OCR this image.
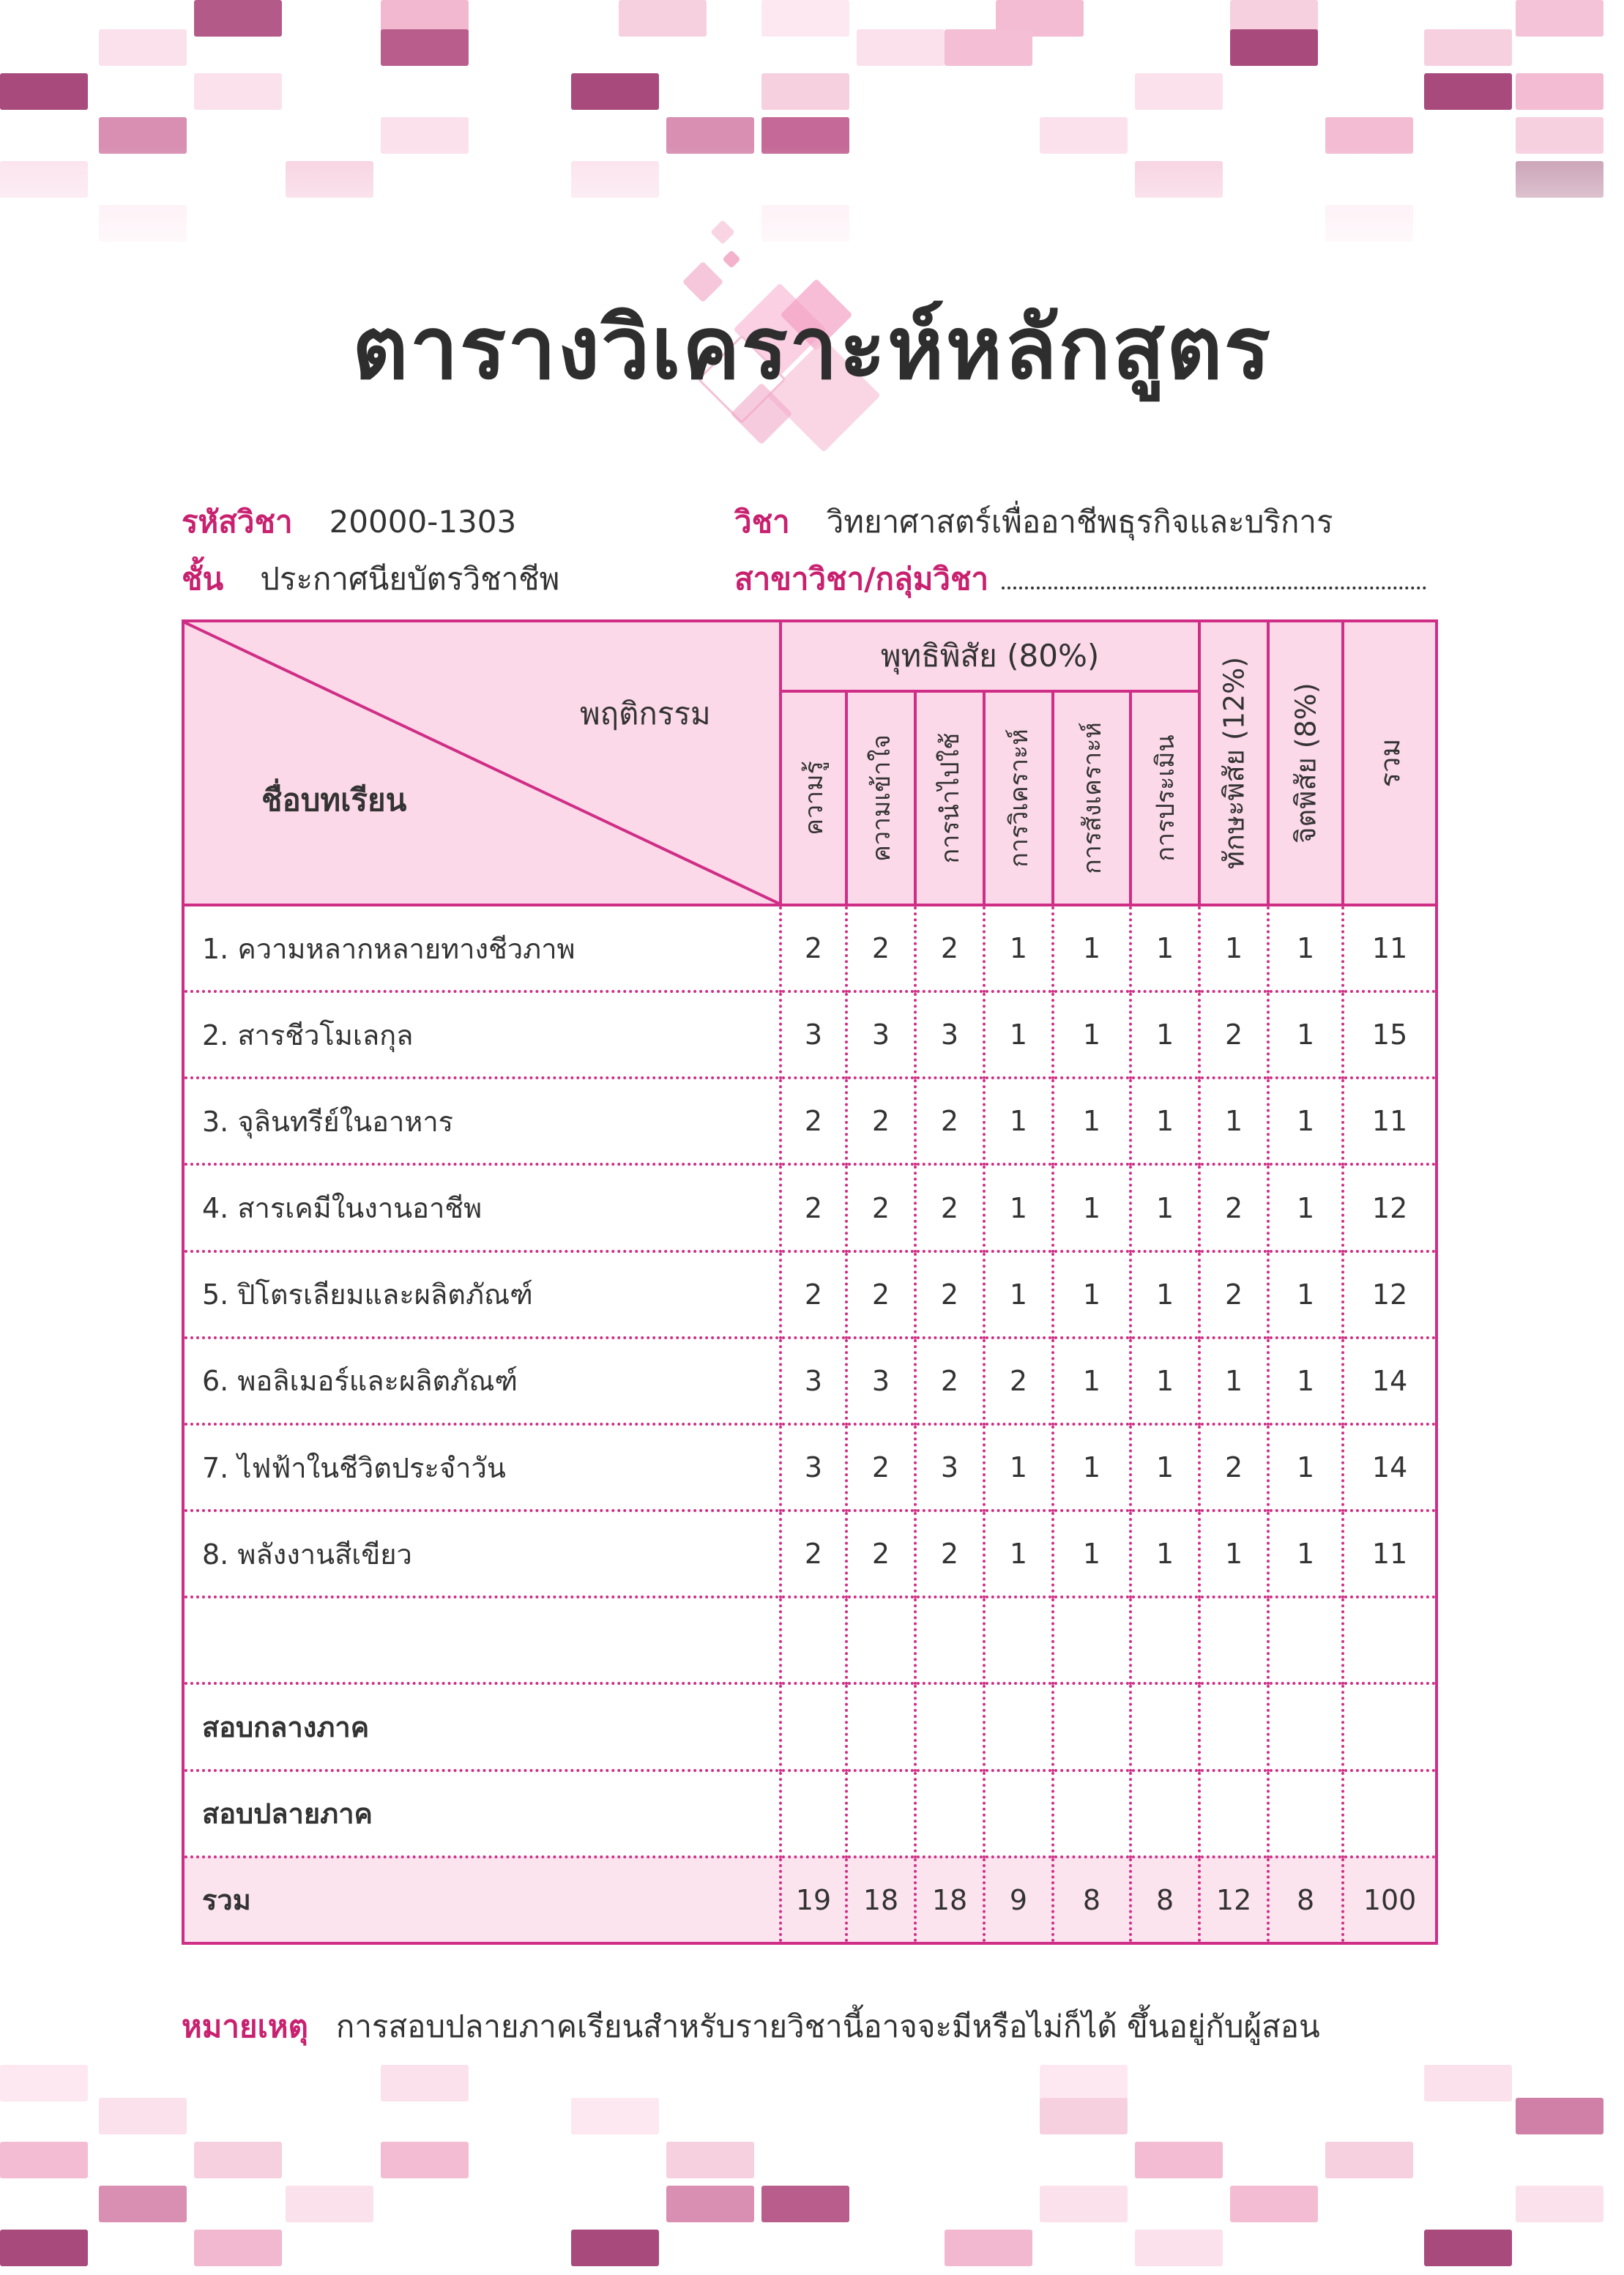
ตารางวิเคราะห์หลักสูตร
รหัสวิชา 20000-1303	วิชา วิทยาศาสตร์เพื่ออาชีพธุรกิจและบริการ
ชั้น ประกาศนียบัตรวิชาชีพ	สาขาวิชา/กลุ่มวิชา
พฤติกรรม
ชื่อบทเรียน	พุทธิพิสัย (80%)						ทักษะพิสัย (12%)	จิตพิสัย (8%)	รวม

	ความรู้	ความเข้าใจ	การนำไปใช้	การวิเคราะห์	การสังเคราะห์	การประเมิน			

1. ความหลากหลายทางชีวภาพ	2	2	2	1	1	1	1	1	11
2. สารชีวโมเลกุล	3	3	3	1	1	1	2	1	15
3. จุลินทรีย์ในอาหาร	2	2	2	1	1	1	1	1	11
4. สารเคมีในงานอาชีพ	2	2	2	1	1	1	2	1	12
5. ปิโตรเลียมและผลิตภัณฑ์	2	2	2	1	1	1	2	1	12
6. พอลิเมอร์และผลิตภัณฑ์	3	3	2	2	1	1	1	1	14
7. ไฟฟ้าในชีวิตประจำวัน	3	2	3	1	1	1	2	1	14
8. พลังงานสีเขียว	2	2	2	1	1	1	1	1	11

สอบกลางภาค									
สอบปลายภาค									
รวม	19	18	18	9	8	8	12	8	100
หมายเหตุ การสอบปลายภาคเรียนสำหรับรายวิชานี้อาจจะมีหรือไม่ก็ได้ ขึ้นอยู่กับผู้สอน
